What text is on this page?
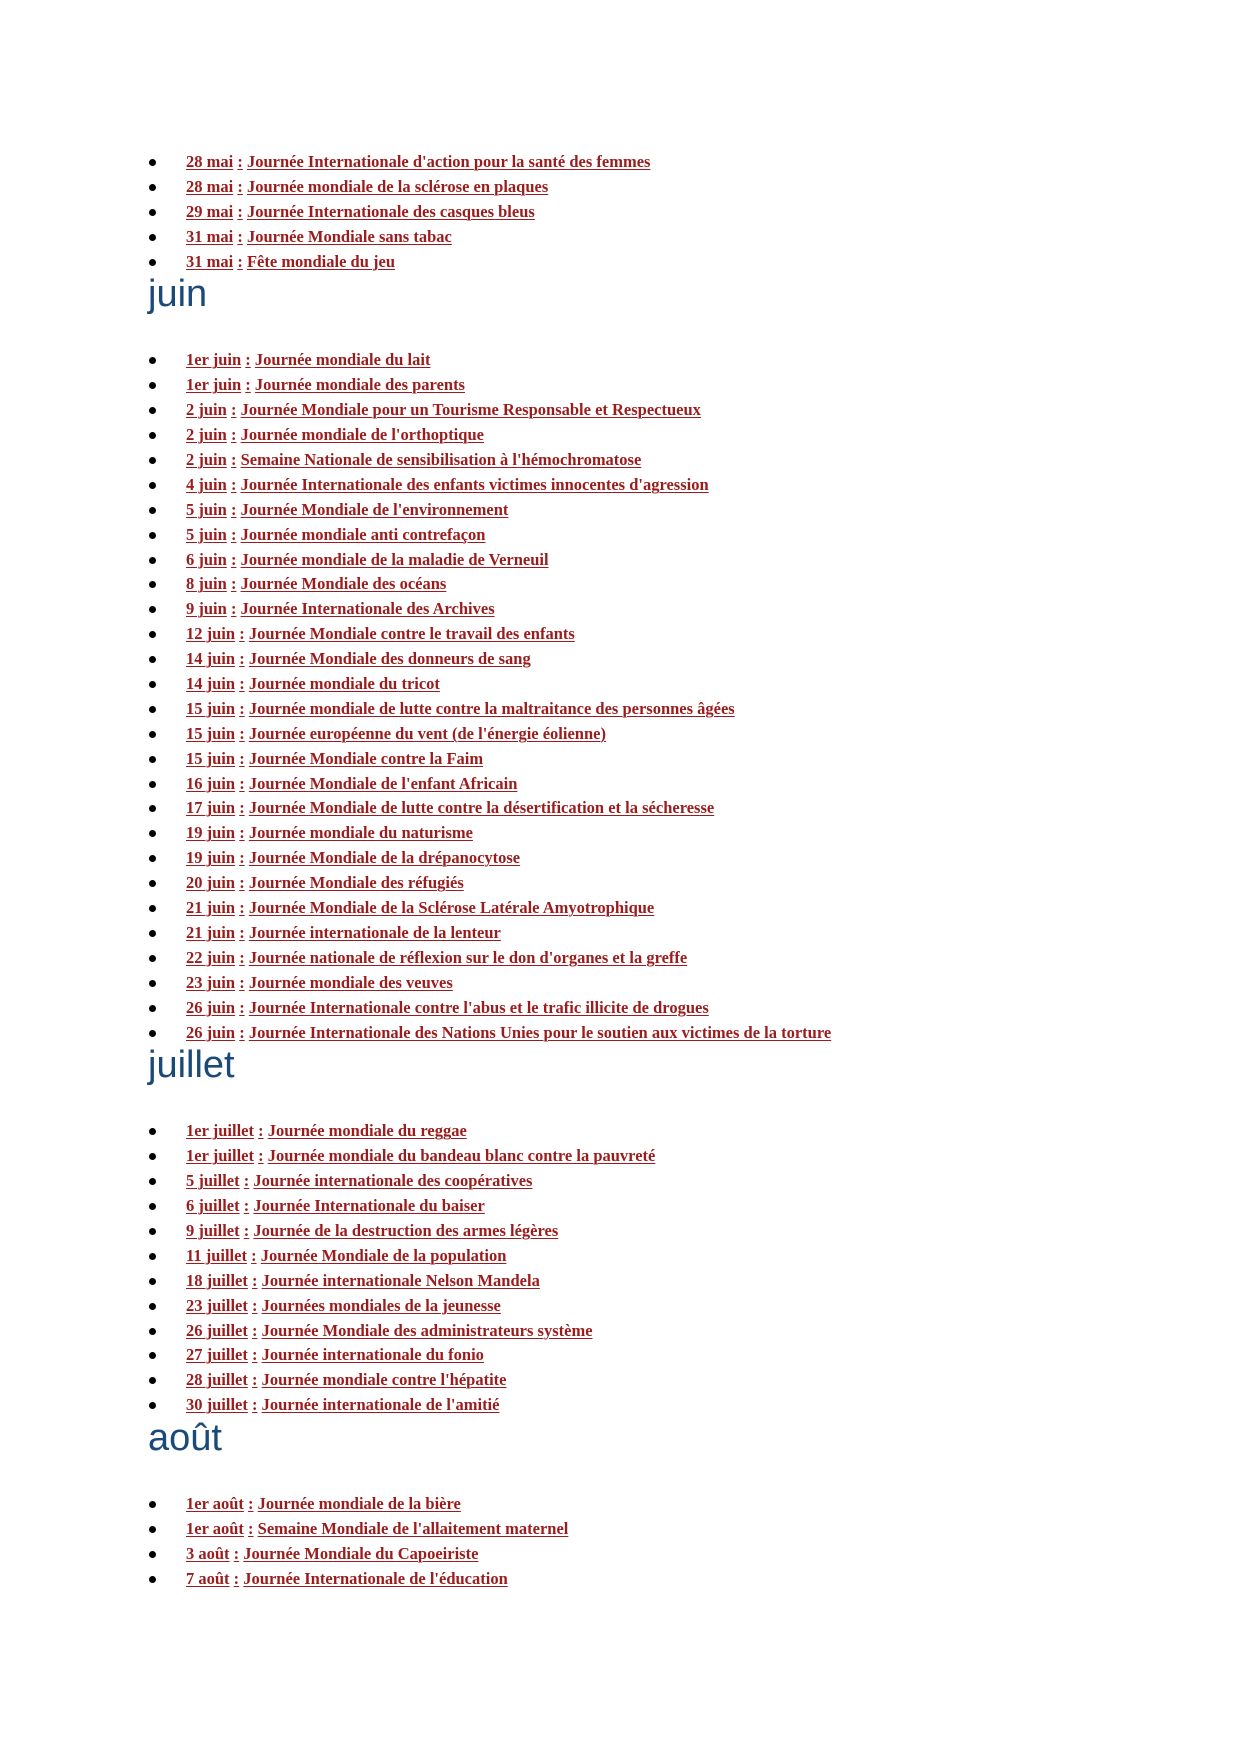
28 mai : Journée Internationale d'action pour la santé des femmes
28 mai : Journée mondiale de la sclérose en plaques
29 mai : Journée Internationale des casques bleus
31 mai : Journée Mondiale sans tabac
31 mai : Fête mondiale du jeu
juin
1er juin : Journée mondiale du lait
1er juin : Journée mondiale des parents
2 juin : Journée Mondiale pour un Tourisme Responsable et Respectueux
2 juin : Journée mondiale de l'orthoptique
2 juin : Semaine Nationale de sensibilisation à l'hémochromatose
4 juin : Journée Internationale des enfants victimes innocentes d'agression
5 juin : Journée Mondiale de l'environnement
5 juin : Journée mondiale anti contrefaçon
6 juin : Journée mondiale de la maladie de Verneuil
8 juin : Journée Mondiale des océans
9 juin : Journée Internationale des Archives
12 juin : Journée Mondiale contre le travail des enfants
14 juin : Journée Mondiale des donneurs de sang
14 juin : Journée mondiale du tricot
15 juin : Journée mondiale de lutte contre la maltraitance des personnes âgées
15 juin : Journée européenne du vent (de l'énergie éolienne)
15 juin : Journée Mondiale contre la Faim
16 juin : Journée Mondiale de l'enfant Africain
17 juin : Journée Mondiale de lutte contre la désertification et la sécheresse
19 juin : Journée mondiale du naturisme
19 juin : Journée Mondiale de la drépanocytose
20 juin : Journée Mondiale des réfugiés
21 juin : Journée Mondiale de la Sclérose Latérale Amyotrophique
21 juin : Journée internationale de la lenteur
22 juin : Journée nationale de réflexion sur le don d'organes et la greffe
23 juin : Journée mondiale des veuves
26 juin : Journée Internationale contre l'abus et le trafic illicite de drogues
26 juin : Journée Internationale des Nations Unies pour le soutien aux victimes de la torture
juillet
1er juillet : Journée mondiale du reggae
1er juillet : Journée mondiale du bandeau blanc contre la pauvreté
5 juillet : Journée internationale des coopératives
6 juillet : Journée Internationale du baiser
9 juillet : Journée de la destruction des armes légères
11 juillet : Journée Mondiale de la population
18 juillet : Journée internationale Nelson Mandela
23 juillet : Journées mondiales de la jeunesse
26 juillet : Journée Mondiale des administrateurs système
27 juillet : Journée internationale du fonio
28 juillet : Journée mondiale contre l'hépatite
30 juillet : Journée internationale de l'amitié
août
1er août : Journée mondiale de la bière
1er août : Semaine Mondiale de l'allaitement maternel
3 août : Journée Mondiale du Capoeiriste
7 août : Journée Internationale de l'éducation
